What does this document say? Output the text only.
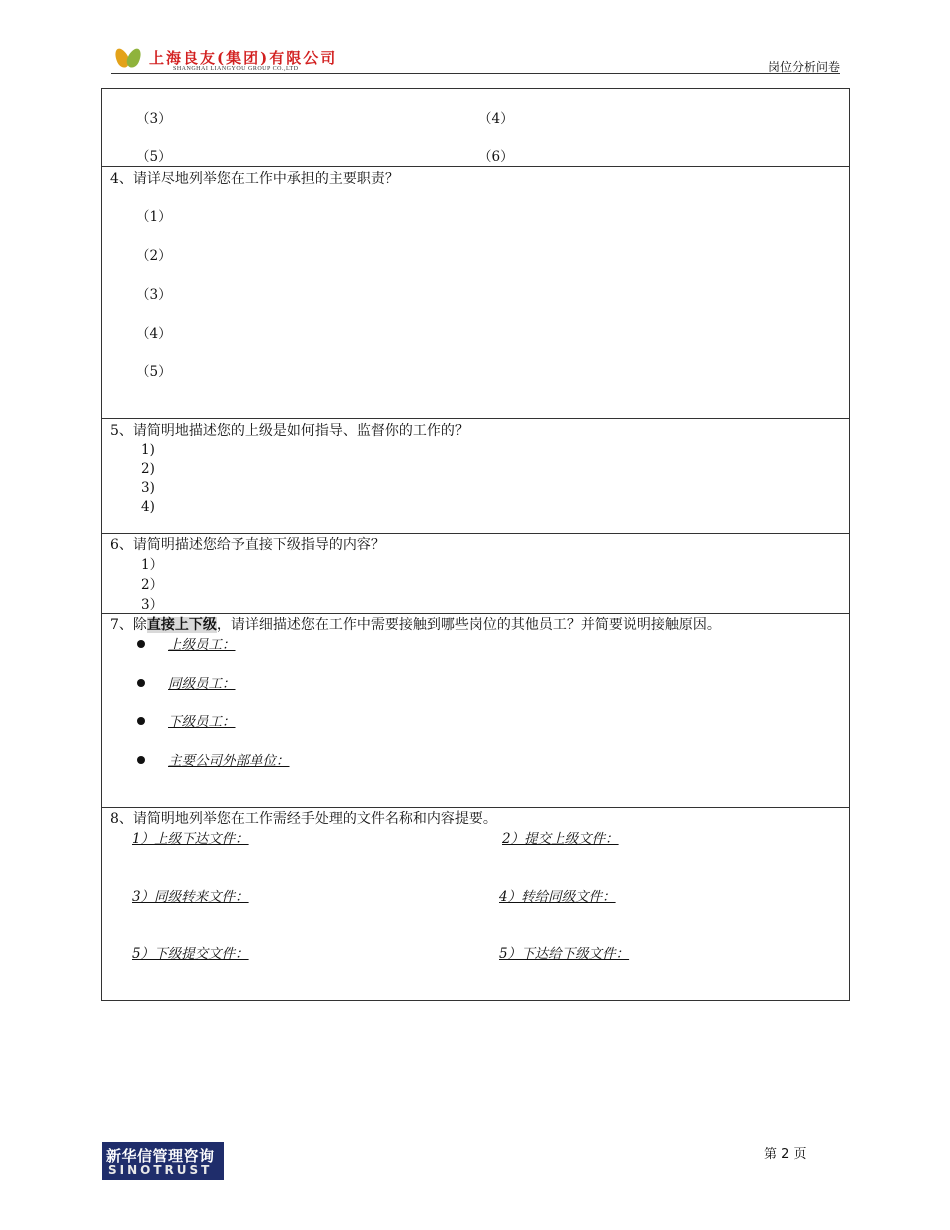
上海良友(集团)有限公司
SHANGHAI LIANGYOU GROUP CO.,LTD	岗位分析问卷
（3）	（4）
（5）	（6）
4、请详尽地列举您在工作中承担的主要职责？
（1）
（2）
（3）
（4）
（5）
5、请简明地描述您的上级是如何指导、监督你的工作的？
1)
2)
3)
4)
6、请简明描述您给予直接下级指导的内容？
1）
2）
3）
7、除直接上下级，请详细描述您在工作中需要接触到哪些岗位的其他员工？并简要说明接触原因。
上级员工：
同级员工：
下级员工：
主要公司外部单位：
8、请简明地列举您在工作需经手处理的文件名称和内容提要。
1）上级下达文件：	2）提交上级文件：
3）同级转来文件：	4）转给同级文件：
5）下级提交文件：	5）下达给下级文件：
新华信管理咨询
SINOTRUST
第 2 页
